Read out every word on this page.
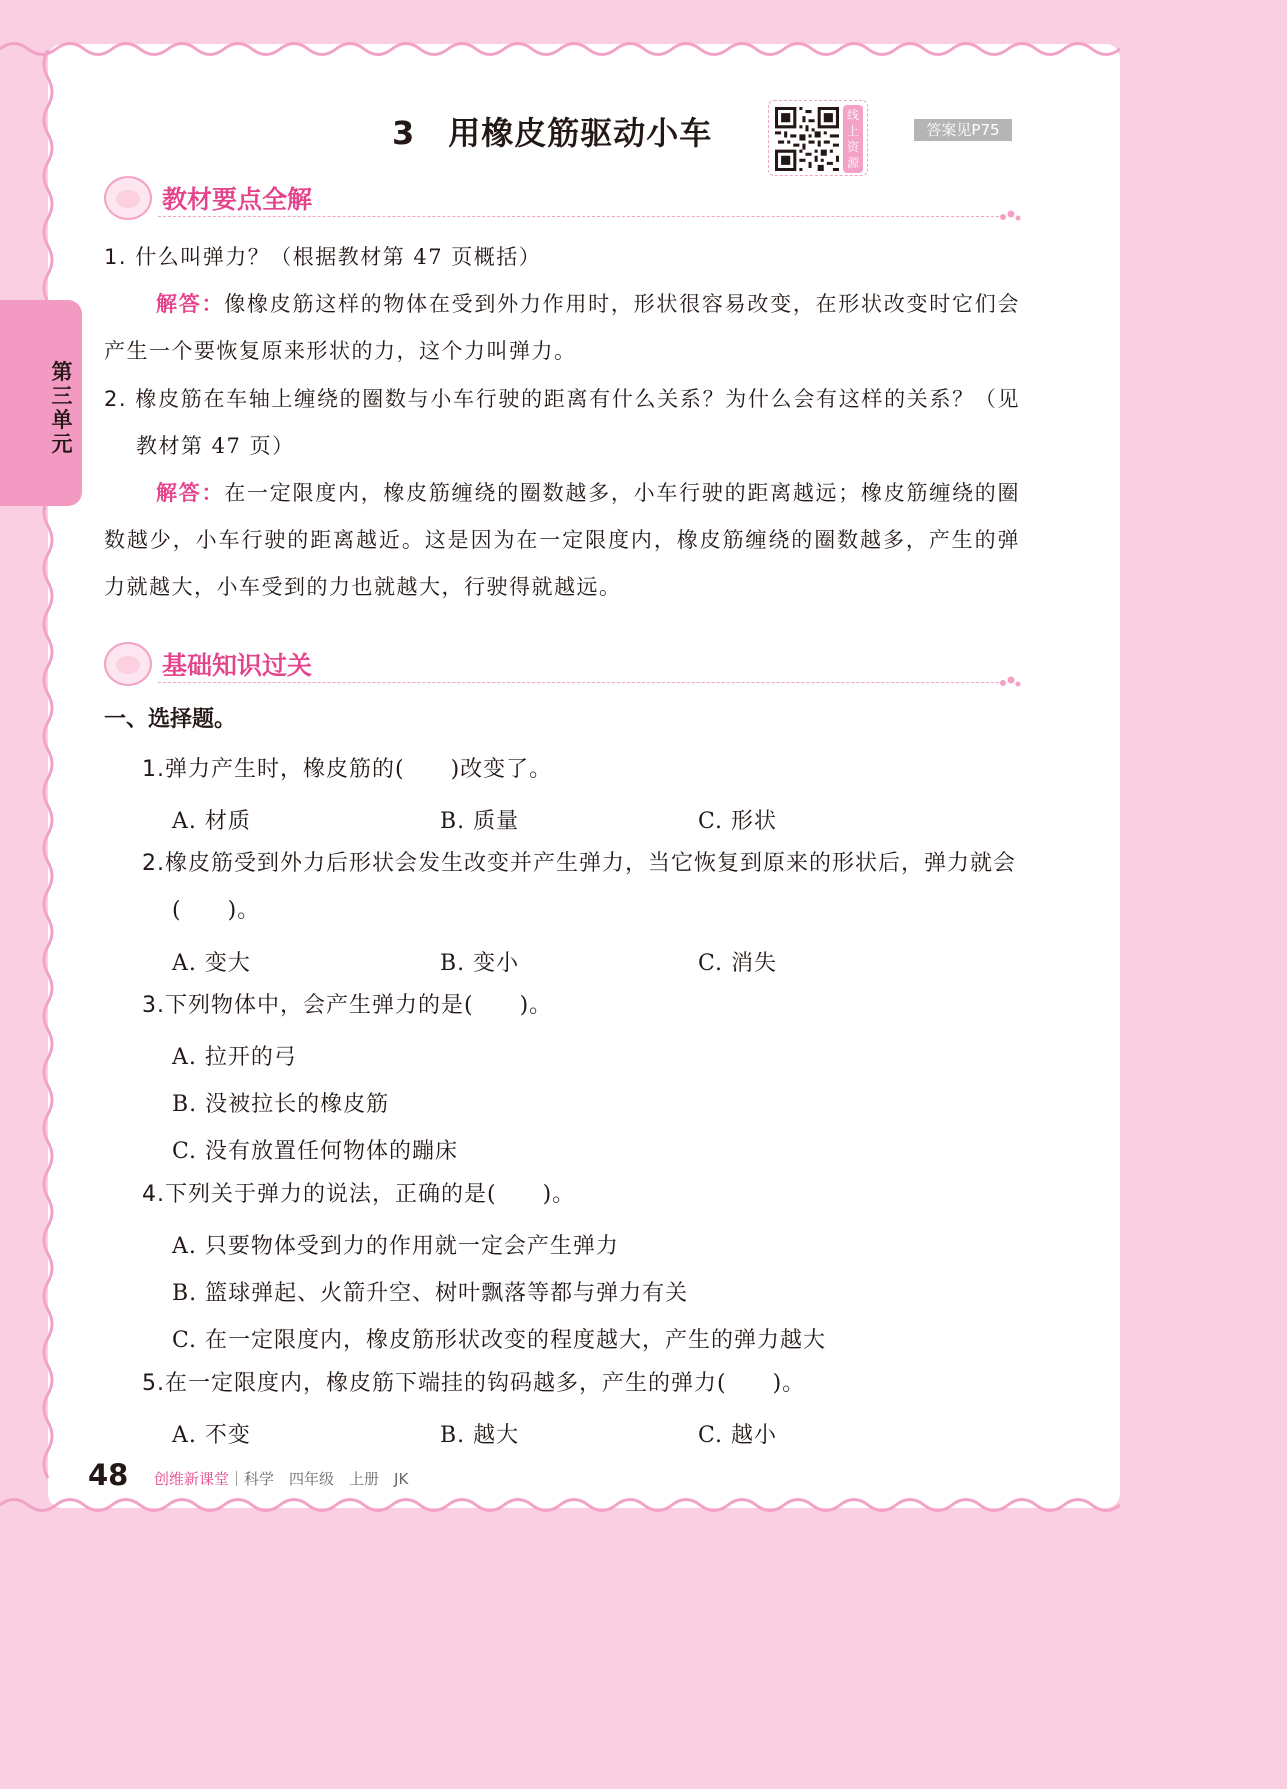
第三单元
3　用橡皮筋驱动小车	线上资源
答案见P75
教材要点全解
1. 什么叫弹力？（根据教材第 47 页概括）
解答：像橡皮筋这样的物体在受到外力作用时，形状很容易改变，在形状改变时它们会产生一个要恢复原来形状的力，这个力叫弹力。
2. 橡皮筋在车轴上缠绕的圈数与小车行驶的距离有什么关系？为什么会有这样的关系？（见教材第 47 页）
解答：在一定限度内，橡皮筋缠绕的圈数越多，小车行驶的距离越远；橡皮筋缠绕的圈数越少，小车行驶的距离越近。这是因为在一定限度内，橡皮筋缠绕的圈数越多，产生的弹力就越大，小车受到的力也就越大，行驶得就越远。
基础知识过关
一、选择题。
1.弹力产生时，橡皮筋的(　　)改变了。
A. 材质	B. 质量	C. 形状
2.橡皮筋受到外力后形状会发生改变并产生弹力，当它恢复到原来的形状后，弹力就会(　　)。
A. 变大	B. 变小	C. 消失
3.下列物体中，会产生弹力的是(　　)。
A. 拉开的弓
B. 没被拉长的橡皮筋
C. 没有放置任何物体的蹦床
4.下列关于弹力的说法，正确的是(　　)。
A. 只要物体受到力的作用就一定会产生弹力
B. 篮球弹起、火箭升空、树叶飘落等都与弹力有关
C. 在一定限度内，橡皮筋形状改变的程度越大，产生的弹力越大
5.在一定限度内，橡皮筋下端挂的钩码越多，产生的弹力(　　)。
A. 不变	B. 越大	C. 越小
48 创维新课堂｜科学　四年级　上册　JK
